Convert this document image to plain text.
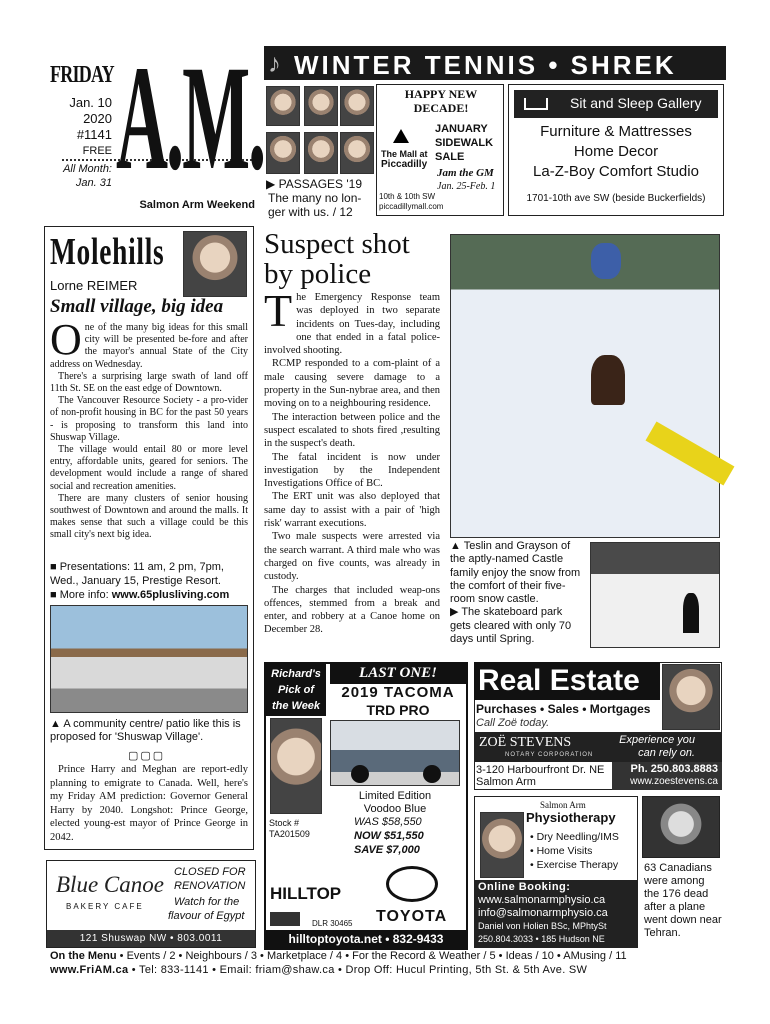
FRIDAY
Jan. 10
2020
#1141
FREE
All Month:
Jan. 31 A.M.
Salmon Arm Weekend
♪ WINTER TENNIS • SHREK
▶ PASSAGES '19
The many no lon-
ger with us. / 12
HAPPY NEW
DECADE!
The Mall at
Piccadilly
JANUARY
SIDEWALK
SALE
Jam the GM
Jan. 25-Feb. 1
10th & 10th SW
piccadillymall.com
Sit and Sleep Gallery
Furniture & Mattresses
Home Decor
La-Z-Boy Comfort Studio
1701-10th ave SW (beside Buckerfields)
Molehills
Lorne REIMER
Small village, big idea
One of the many big ideas for this small city will be presented be-fore and after the mayor's annual State of the City address on Wednesday.

There's a surprising large swath of land off 11th St. SE on the east edge of Downtown.

The Vancouver Resource Society - a pro-vider of non-profit housing in BC for the past 50 years - is proposing to transform this land into Shuswap Village.

The village would entail 80 or more level entry, affordable units, geared for seniors. The development would include a range of shared social and recreation amenities.

There are many clusters of senior housing southwest of Downtown and around the malls. It makes sense that such a village could be this small city's next big idea.

■ Presentations: 11 am, 2 pm, 7pm,
Wed., January 15, Prestige Resort.
■ More info: www.65plusliving.com
▲ A community centre/ patio like this is proposed for 'Shuswap Village'.
▢▢▢

Prince Harry and Meghan are report-edly planning to emigrate to Canada. Well, here's my Friday AM prediction: Governor General Harry by 2040. Longshot: Prince George, elected young-est mayor of Prince George in 2042.

Suspect shot
by police
The Emergency Response team was deployed in two separate incidents on Tues-day, including one that ended in a fatal police-involved shooting.

RCMP responded to a com-plaint of a male causing severe damage to a property in the Sun-nybrae area, and then moving on to a neighbouring residence.

The interaction between police and the suspect escalated to shots fired ,resulting in the suspect's death.

The fatal incident is now under investigation by the Independent Investigations Office of BC.

The ERT unit was also deployed that same day to assist with a pair of 'high risk' warrant executions.

Two male suspects were arrested via the search warrant. A third male who was charged on five counts, was already in custody.

The charges that included weap-ons offences, stemmed from a break and enter, and robbery at a Canoe home on December 28.

▲ Teslin and Grayson of the aptly-named Castle family enjoy the snow from the comfort of their five-room snow castle.
▶ The skateboard park gets cleared with only 70 days until Spring.
Richard's
Pick of
the Week
LAST ONE!
2019 TACOMA
TRD PRO
Stock #
TA201509
Limited Edition
Voodoo Blue
WAS $58,550
NOW $51,550
SAVE $7,000
HILLTOP
DLR 30465 TOYOTA
hilltoptoyota.net • 832-9433
Blue Canoe
BAKERY CAFE
CLOSED FOR
RENOVATION
Watch for the
flavour of Egypt
121 Shuswap NW • 803.0011
Real Estate
Purchases • Sales • Mortgages
Call Zoë today.
ZOË STEVENS
NOTARY CORPORATION
Experience you
can rely on.
3-120 Harbourfront Dr. NE
Salmon Arm
Ph. 250.803.8883
www.zoestevens.ca
Salmon Arm
Physiotherapy
• Dry Needling/IMS
• Home Visits
• Exercise Therapy
Online Booking:
www.salmonarmphysio.ca
info@salmonarmphysio.ca
Daniel von Holien BSc, MPhtySt
250.804.3033 • 185 Hudson NE
63 Canadians were among the 176 dead after a plane went down near Tehran.
On the Menu • Events / 2 • Neighbours / 3 • Marketplace / 4 • For the Record & Weather / 5 • Ideas / 10 • AMusing / 11
www.FriAM.ca • Tel: 833-1141 • Email: friam@shaw.ca • Drop Off: Hucul Printing, 5th St. & 5th Ave. SW
